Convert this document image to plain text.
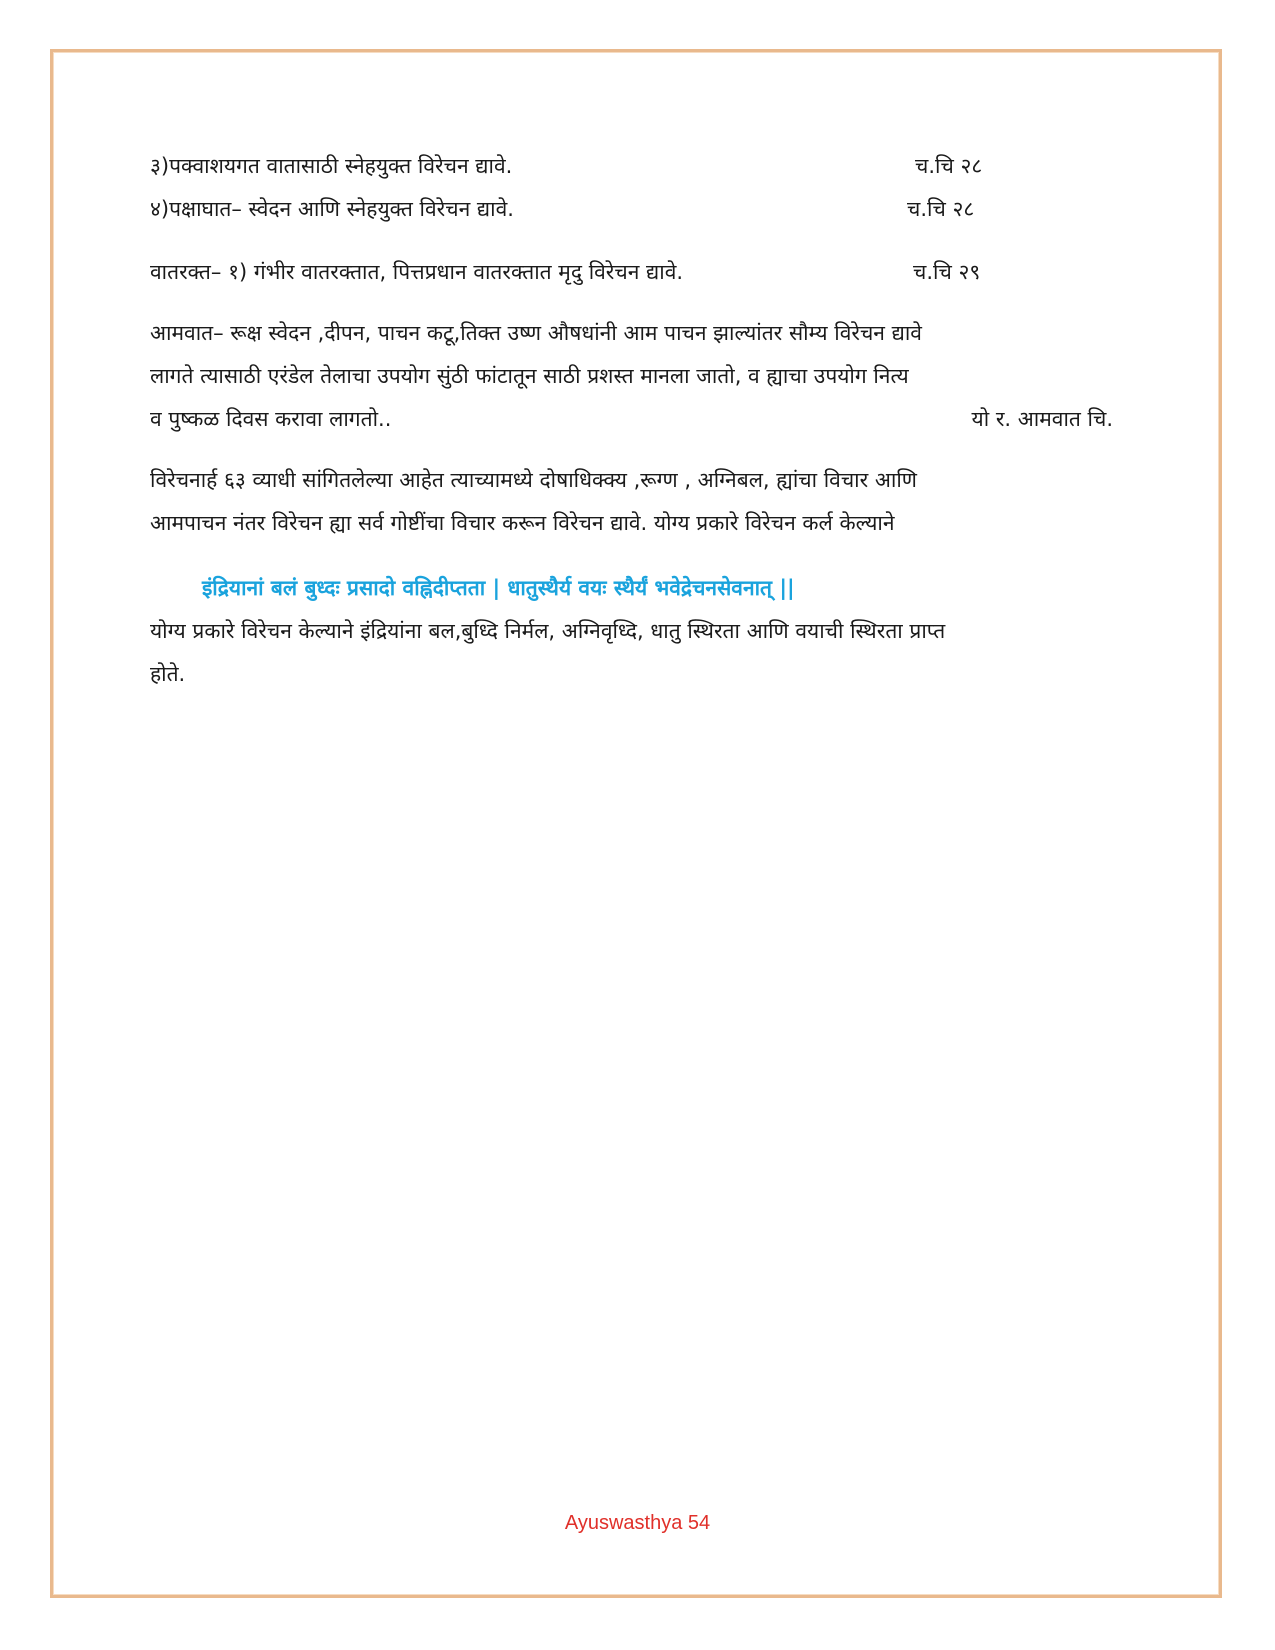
३)पक्वाशयगत वातासाठी स्नेहयुक्त विरेचन द्यावे.	च.चि २८
४)पक्षाघात– स्वेदन आणि स्नेहयुक्त विरेचन द्यावे.	च.चि २८
वातरक्त– १) गंभीर वातरक्तात, पित्तप्रधान वातरक्तात मृदु विरेचन द्यावे.	च.चि २९
आमवात– रूक्ष स्वेदन ,दीपन, पाचन कटू,तिक्त उष्ण औषधांनी आम पाचन झाल्यांतर सौम्य विरेचन द्यावे
लागते त्यासाठी एरंडेल तेलाचा उपयोग सुंठी फांटातून साठी प्रशस्त मानला जातो, व ह्याचा उपयोग नित्य
व पुष्कळ दिवस करावा लागतो..	यो र. आमवात चि.
विरेचनार्ह ६३ व्याधी सांगितलेल्या आहेत त्याच्यामध्ये दोषाधिक्क्य ,रूग्ण , अग्निबल, ह्यांचा विचार आणि
आमपाचन नंतर विरेचन ह्या सर्व गोष्टींचा विचार करून विरेचन द्यावे. योग्य प्रकारे विरेचन कर्ल केल्याने
इंद्रियानां बलं बुध्दः प्रसादो वह्निदीप्तता | धातुस्थैर्य वयः स्थैर्यं भवेद्रेचनसेवनात् ||
योग्य प्रकारे विरेचन केल्याने इंद्रियांना बल,बुध्दि निर्मल, अग्निवृध्दि, धातु स्थिरता आणि वयाची स्थिरता प्राप्त
होते.
Ayuswasthya 54
